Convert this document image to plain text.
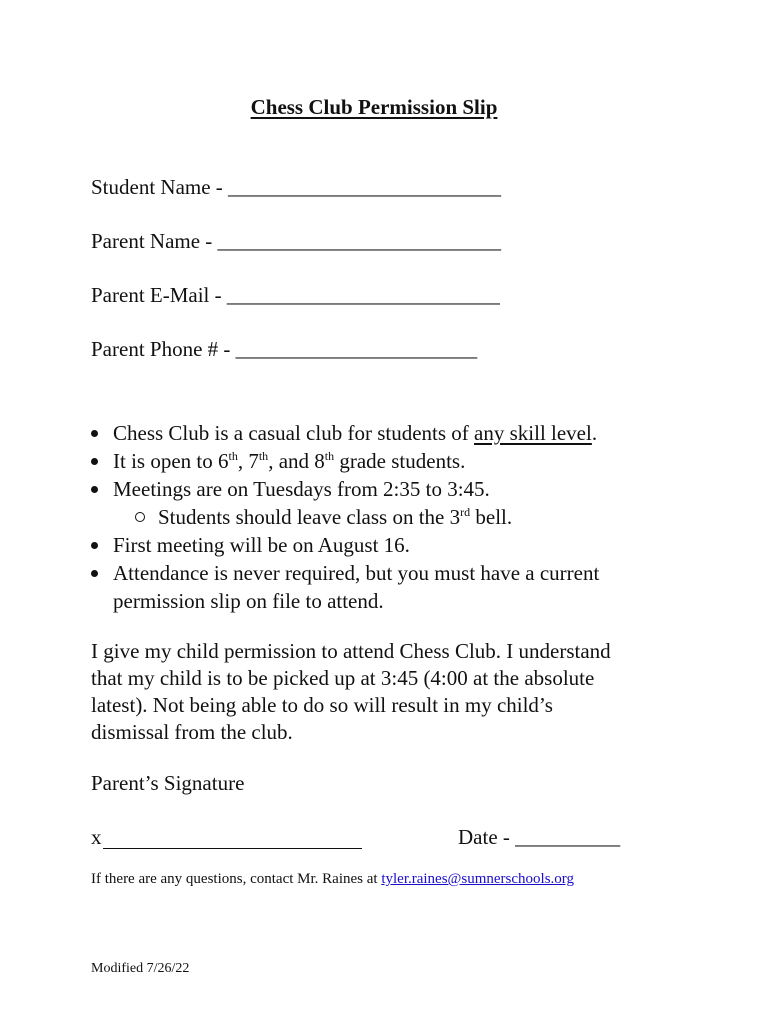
Chess Club Permission Slip
Student Name - __________________________
Parent Name - ___________________________
Parent E-Mail - __________________________
Parent Phone # - _______________________
Chess Club is a casual club for students of any skill level.
It is open to 6th, 7th, and 8th grade students.
Meetings are on Tuesdays from 2:35 to 3:45.
Students should leave class on the 3rd bell.
First meeting will be on August 16.
Attendance is never required, but you must have a current
permission slip on file to attend.
I give my child permission to attend Chess Club. I understand
that my child is to be picked up at 3:45 (4:00 at the absolute
latest). Not being able to do so will result in my child’s
dismissal from the club.
Parent’s Signature
x	Date - __________
If there are any questions, contact Mr. Raines at tyler.raines@sumnerschools.org
Modified 7/26/22
